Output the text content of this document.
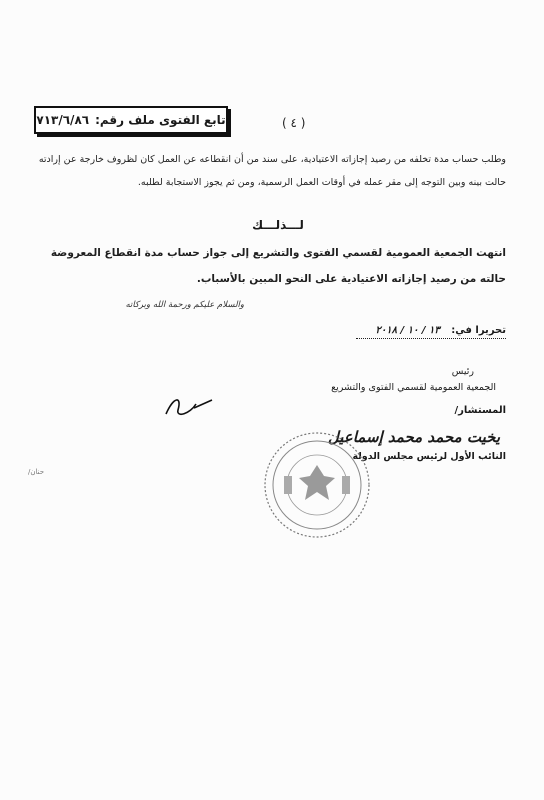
تابع الفتوى ملف رقم:
٧١٣/٦/٨٦	( ٤ )
وطلب حساب مدة تخلفه من رصيد إجازاته الاعتيادية، على سند من أن انقطاعه عن العمل كان لظروف خارجة عن إرادته حالت بينه وبين التوجه إلى مقر عمله في أوقات العمل الرسمية، ومن ثم يجوز الاستجابة لطلبه.
لـــذلـــك
انتهت الجمعية العمومية لقسمي الفتوى والتشريع إلى جواز حساب مدة انقطاع المعروضة حالته من رصيد إجازاته الاعتيادية على النحو المبين بالأسباب.
والسلام عليكم ورحمة الله وبركاته
تحريرا في: ١٣ / ١٠ / ٢٠١٨
رئيس
الجمعية العمومية لقسمي الفتوى والتشريع
المستشار/
يخيت محمد محمد إسماعيل
النائب الأول لرئيس مجلس الدولة
حنان/
